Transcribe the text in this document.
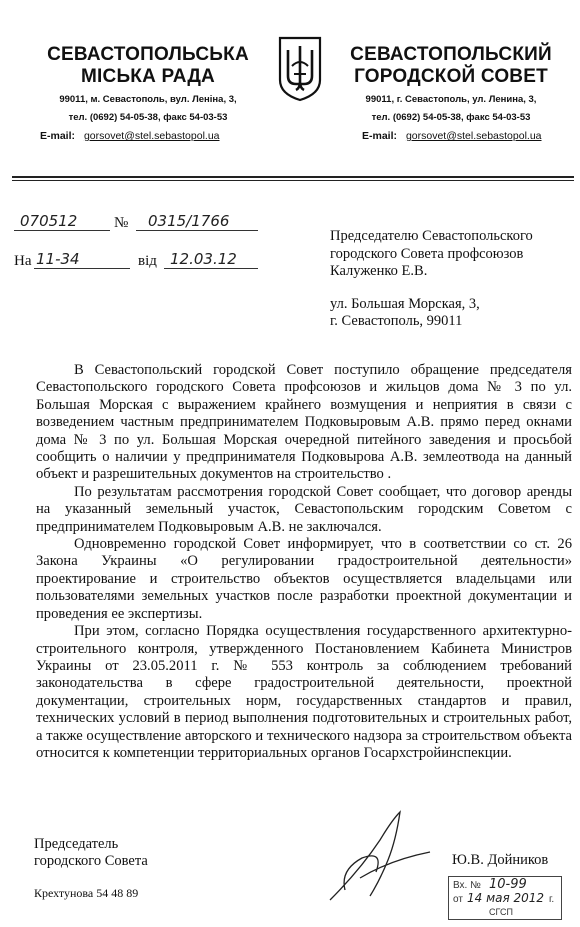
СЕВАСТОПОЛЬСЬКА
МІСЬКА РАДА
99011, м. Севастополь, вул. Леніна, 3,
тел. (0692) 54-05-38, факс 54-03-53
E-mail: gorsovet@stel.sebastopol.ua
СЕВАСТОПОЛЬСКИЙ
ГОРОДСКОЙ СОВЕТ
99011, г. Севастополь, ул. Ленина, 3,
тел. (0692) 54-05-38, факс 54-03-53
E-mail: gorsovet@stel.sebastopol.ua
070512 № 0315/1766
На 11-34	від 12.03.12
Председателю Севастопольского
городского Совета профсоюзов
Калуженко Е.В.
ул. Большая Морская, 3,
г. Севастополь, 99011

В Севастопольский городской Совет поступило обращение председателя Севастопольского городского Совета профсоюзов и жильцов дома № 3 по ул. Большая Морская с выражением крайнего возмущения и неприятия в связи с возведением частным предпринимателем Подковыровым А.В. прямо перед окнами дома № 3 по ул. Большая Морская очередной питейного заведения и просьбой сообщить о наличии у предпринимателя Подковырова А.В. землеотвода на данный объект и разрешительных документов на строительство .

По результатам рассмотрения городской Совет сообщает, что договор аренды на указанный земельный участок, Севастопольским городским Советом с предпринимателем Подковыровым А.В. не заключался.

Одновременно городской Совет информирует, что в соответствии со ст. 26 Закона Украины «О регулировании градостроительной деятельности» проектирование и строительство объектов осуществляется владельцами или пользователями земельных участков после разработки проектной документации и проведения ее экспертизы.

При этом, согласно Порядка осуществления государственного архитектурно-строительного контроля, утвержденного Постановлением Кабинета Министров Украины от 23.05.2011 г. № 553 контроль за соблюдением требований законодательства в сфере градостроительной деятельности, проектной документации, строительных норм, государственных стандартов и правил, технических условий в период выполнения подготовительных и строительных работ, а также осуществление авторского и технического надзора за строительством объекта относится к компетенции территориальных органов Госархстройинспекции.

Председатель
городского Совета	Ю.В. Дойников
Крехтунова 54 48 89
Вх. № 10-99
от 14 мая 2012 г.
СГСП
